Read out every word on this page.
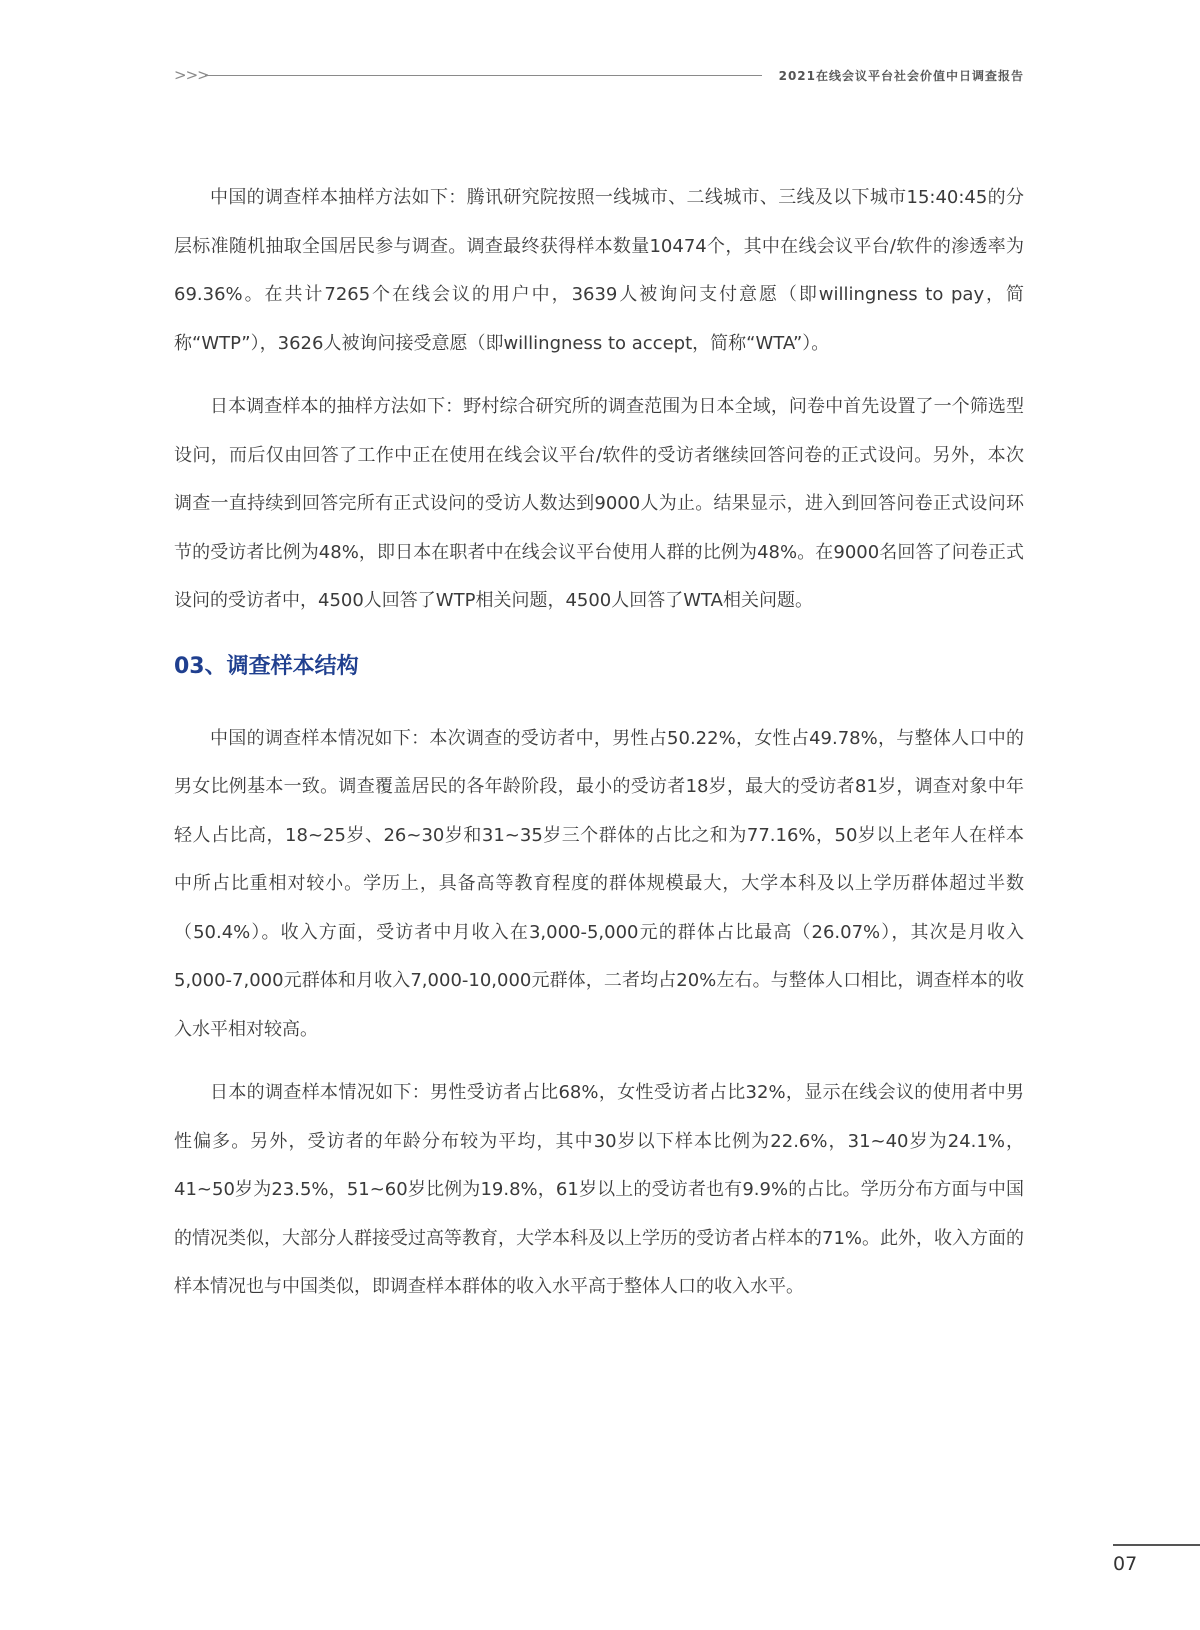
>>>	2021在线会议平台社会价值中日调查报告

中国的调查样本抽样方法如下：腾讯研究院按照一线城市、二线城市、三线及以下城市15:40:45的分层标准随机抽取全国居民参与调查。调查最终获得样本数量10474个，其中在线会议平台/软件的渗透率为69.36%。在共计7265个在线会议的用户中，3639人被询问支付意愿（即willingness to pay，简称“WTP”），3626人被询问接受意愿（即willingness to accept，简称“WTA”）。

日本调查样本的抽样方法如下：野村综合研究所的调查范围为日本全域，问卷中首先设置了一个筛选型设问，而后仅由回答了工作中正在使用在线会议平台/软件的受访者继续回答问卷的正式设问。另外，本次调查一直持续到回答完所有正式设问的受访人数达到9000人为止。结果显示，进入到回答问卷正式设问环节的受访者比例为48%，即日本在职者中在线会议平台使用人群的比例为48%。在9000名回答了问卷正式设问的受访者中，4500人回答了WTP相关问题，4500人回答了WTA相关问题。

03、调查样本结构

中国的调查样本情况如下：本次调查的受访者中，男性占50.22%，女性占49.78%，与整体人口中的男女比例基本一致。调查覆盖居民的各年龄阶段，最小的受访者18岁，最大的受访者81岁，调查对象中年轻人占比高，18~25岁、26~30岁和31~35岁三个群体的占比之和为77.16%，50岁以上老年人在样本中所占比重相对较小。学历上，具备高等教育程度的群体规模最大，大学本科及以上学历群体超过半数（50.4%）。收入方面，受访者中月收入在3,000-5,000元的群体占比最高（26.07%），其次是月收入5,000-7,000元群体和月收入7,000-10,000元群体，二者均占20%左右。与整体人口相比，调查样本的收入水平相对较高。

日本的调查样本情况如下：男性受访者占比68%，女性受访者占比32%，显示在线会议的使用者中男性偏多。另外，受访者的年龄分布较为平均，其中30岁以下样本比例为22.6%，31~40岁为24.1%，41~50岁为23.5%，51~60岁比例为19.8%，61岁以上的受访者也有9.9%的占比。学历分布方面与中国的情况类似，大部分人群接受过高等教育，大学本科及以上学历的受访者占样本的71%。此外，收入方面的样本情况也与中国类似，即调查样本群体的收入水平高于整体人口的收入水平。

07
